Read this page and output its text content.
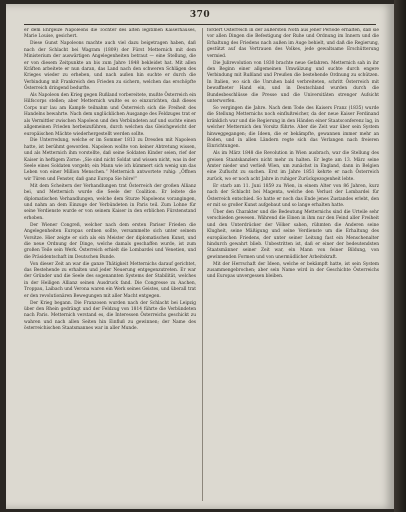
370

er dem Ehrgeize Napoleons die Tochter des alten legitimen Kaiserhauses, Marie Louise, gesichert.

Diese Gunst Napoleons machte auch viel dazu beigetragen haben, daß nach der Schlacht bei Wagram (1809) der Fürst Metternich mit dem Ministerium der auswärtigen Angelegenheiten betraut — eine Stellung, die er von diesem Zeitpunkte an bis zum Jahre 1848 bekleidet hat. Mit allen Kräften arbeitete er nun daran, das Land nach den schweren Schlägen des Krieges wieder zu erheben, und nach außen hin suchte er durch die Verbindung mit Frankreich den Frieden zu sichern, welchen das erschöpfte Österreich dringend bedurfte.

Als Napoleon den Krieg gegen Rußland vorbereitete, mußte Österreich ein Hilfscorps stellen; aber Metternich wußte es so einzurichten, daß dieses Corps nur lau am Kampfe teilnahm und Österreich sich die Freiheit des Handelns bewahrte. Nach dem unglücklichen Ausgange des Feldzuges trat er als Vermittler zwischen Napoleon und den Verbündeten auf und suchte einen allgemeinen Frieden herbeizuführen, durch welchen das Gleichgewicht der europäischen Mächte wiederhergestellt werden sollte.

Die Unterredung, welche er im Sommer 1813 zu Dresden mit Napoleon hatte, ist berühmt geworden. Napoleon wollte von keiner Abtretung wissen, und als Metternich ihm vorstellte, daß seine Soldaten Kinder seien, rief der Kaiser in heftigem Zorne: „Sie sind nicht Soldat und wissen nicht, was in der Seele eines Soldaten vorgeht; ein Mann wie ich kümmert sich wenig um das Leben von einer Million Menschen.“ Metternich antwortete ruhig: „Öffnen wir Türen und Fenster, daß ganz Europa Sie höre!“

Mit dem Scheitern der Verhandlungen trat Österreich der großen Allianz bei, und Metternich wurde die Seele der Coalition. Er leitete die diplomatischen Verhandlungen, welche dem Sturze Napoleons vorangingen, und nahm an dem Einzuge der Verbündeten in Paris teil. Zum Lohne für seine Verdienste wurde er von seinem Kaiser in den erblichen Fürstenstand erhoben.

Der Wiener Congreß, welcher nach dem ersten Pariser Frieden die Angelegenheiten Europas ordnen sollte, versammelte sich unter seinem Vorsitze. Hier zeigte er sich als ein Meister der diplomatischen Kunst, und die neue Ordnung der Dinge, welche damals geschaffen wurde, ist zum großen Teile sein Werk. Österreich erhielt die Lombardei und Venetien, und die Präsidentschaft im Deutschen Bunde.

Von dieser Zeit an war die ganze Thätigkeit Metternichs darauf gerichtet, das Bestehende zu erhalten und jeder Neuerung entgegenzutreten. Er war der Gründer und die Seele des sogenannten Systems der Stabilität, welches in der Heiligen Allianz seinen Ausdruck fand. Die Congresse zu Aachen, Troppau, Laibach und Verona waren ein Werk seines Geistes, und überall trat er den revolutionären Bewegungen mit aller Macht entgegen.

Der Krieg begann. Die Franzosen wurden nach der Schlacht bei Leipzig über den Rhein gedrängt und der Feldzug von 1814 führte die Verbündeten nach Paris. Metternich verstand es, die Interessen Österreichs geschickt zu wahren und nach allen Seiten hin Einfluß zu gewinnen; der Name des österreichischen Staatsmannes war in aller Munde.

fordert Österreich in der äußersten Noth aus jener Periode erhalten, daß sie vor allen Dingen die Befestigung der Ruhe und Ordnung im Innern und die Erhaltung des Friedens nach außen im Auge behielt, und daß die Regierung, gestützt auf das Vertrauen des Volkes, jede gewaltsame Erschütterung vermied.

Die Julirevolution von 1830 brachte neue Gefahren. Metternich sah in ihr den Beginn einer allgemeinen Umwälzung und suchte durch engere Verbindung mit Rußland und Preußen die bestehende Ordnung zu schützen. In Italien, wo sich die Unruhen bald verbreiteten, schritt Österreich mit bewaffneter Hand ein, und in Deutschland wurden durch die Bundesbeschlüsse die Presse und die Universitäten strenger Aufsicht unterworfen.

So vergingen die Jahre. Nach dem Tode des Kaisers Franz (1835) wurde die Stellung Metternichs noch einflußreicher, da der neue Kaiser Ferdinand kränklich war und die Regierung in den Händen einer Staatsconferenz lag, in welcher Metternich den Vorsitz führte. Aber die Zeit war über sein System hinweggegangen; die Ideen, die er bekämpfte, gewannen immer mehr an Boden, und in allen Ländern regte sich das Verlangen nach freieren Einrichtungen.

Als im März 1848 die Revolution in Wien ausbrach, war die Stellung des greisen Staatskanzlers nicht mehr zu halten. Er legte am 13. März seine Ämter nieder und verließ Wien, um zunächst in England, dann in Belgien eine Zuflucht zu suchen. Erst im Jahre 1851 kehrte er nach Österreich zurück, wo er noch acht Jahre in ruhiger Zurückgezogenheit lebte.

Er starb am 11. Juni 1859 zu Wien, in einem Alter von 86 Jahren, kurz nach der Schlacht bei Magenta, welche den Verlust der Lombardei für Österreich entschied. So hatte er noch das Ende jenes Zustandes erlebt, den er mit so großer Kunst aufgebaut und so lange erhalten hatte.

Über den Charakter und die Bedeutung Metternichs sind die Urteile sehr verschieden gewesen. Während die Einen in ihm nur den Feind aller Freiheit und den Unterdrücker der Völker sahen, rühmten die Anderen seine Klugheit, seine Mäßigung und seine Verdienste um die Erhaltung des europäischen Friedens, der unter seiner Leitung fast ein Menschenalter hindurch gewahrt blieb. Unbestritten ist, daß er einer der bedeutendsten Staatsmänner seiner Zeit war, ein Mann von feiner Bildung, von gewinnenden Formen und von unermüdlicher Arbeitskraft.

Mit der Herrschaft der Ideen, welche er bekämpft hatte, ist sein System zusammengebrochen; aber sein Name wird in der Geschichte Österreichs und Europas unvergessen bleiben.
